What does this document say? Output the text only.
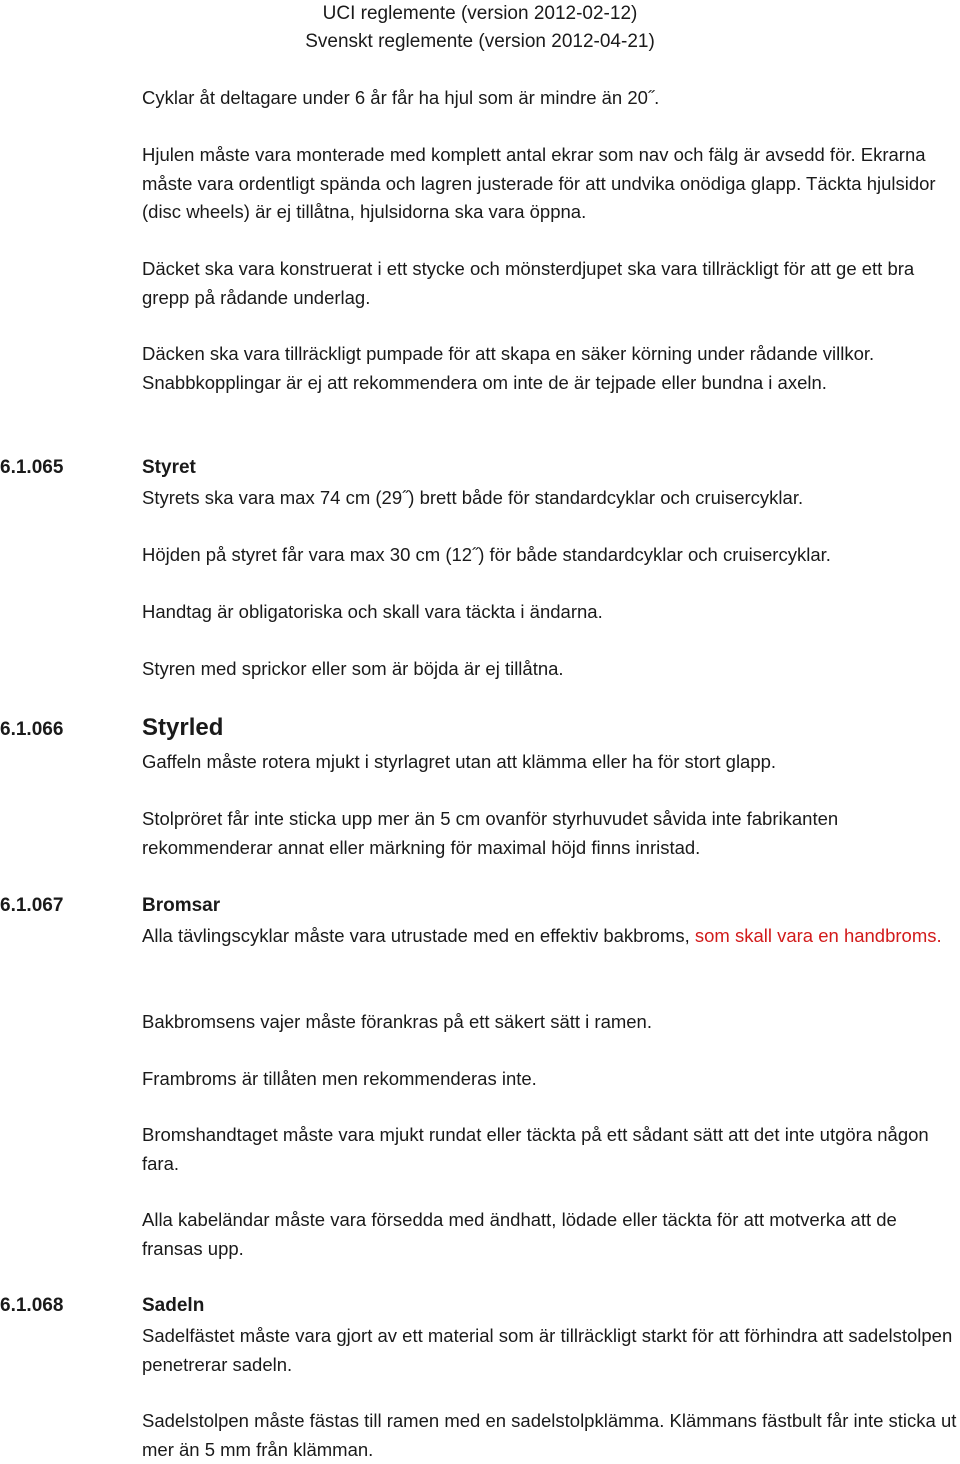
UCI reglemente (version 2012-02-12)
Svenskt reglemente (version 2012-04-21)
Cyklar åt deltagare under 6 år får ha hjul som är mindre än 20˝.
Hjulen måste vara monterade med komplett antal ekrar som nav och fälg är avsedd för. Ekrarna måste vara ordentligt spända och lagren justerade för att undvika onödiga glapp. Täckta hjulsidor (disc wheels) är ej tillåtna, hjulsidorna ska vara öppna.
Däcket ska vara konstruerat i ett stycke och mönsterdjupet ska vara tillräckligt för att ge ett bra grepp på rådande underlag.
Däcken ska vara tillräckligt pumpade för att skapa en säker körning under rådande villkor. Snabbkopplingar är ej att rekommendera om inte de är tejpade eller bundna i axeln.
6.1.065	Styret
Styrets ska vara max 74 cm (29˝) brett både för standardcyklar och cruisercyklar.
Höjden på styret får vara max 30 cm (12˝) för både standardcyklar och cruisercyklar.
Handtag är obligatoriska och skall vara täckta i ändarna.
Styren med sprickor eller som är böjda är ej tillåtna.
6.1.066	Styrled
Gaffeln måste rotera mjukt i styrlagret utan att klämma eller ha för stort glapp.
Stolpröret får inte sticka upp mer än 5 cm ovanför styrhuvudet såvida inte fabrikanten rekommenderar annat eller märkning för maximal höjd finns inristad.
6.1.067	Bromsar
Alla tävlingscyklar måste vara utrustade med en effektiv bakbroms, som skall vara en handbroms.
Bakbromsens vajer måste förankras på ett säkert sätt i ramen.
Frambroms är tillåten men rekommenderas inte.
Bromshandtaget måste vara mjukt rundat eller täckta på ett sådant sätt att det inte utgöra någon fara.
Alla kabeländar måste vara försedda med ändhatt, lödade eller täckta för att motverka att de fransas upp.
6.1.068	Sadeln
Sadelfästet måste vara gjort av ett material som är tillräckligt starkt för att förhindra att sadelstolpen penetrerar sadeln.
Sadelstolpen måste fästas till ramen med en sadelstolpklämma. Klämmans fästbult får inte sticka ut mer än 5 mm från klämman.
